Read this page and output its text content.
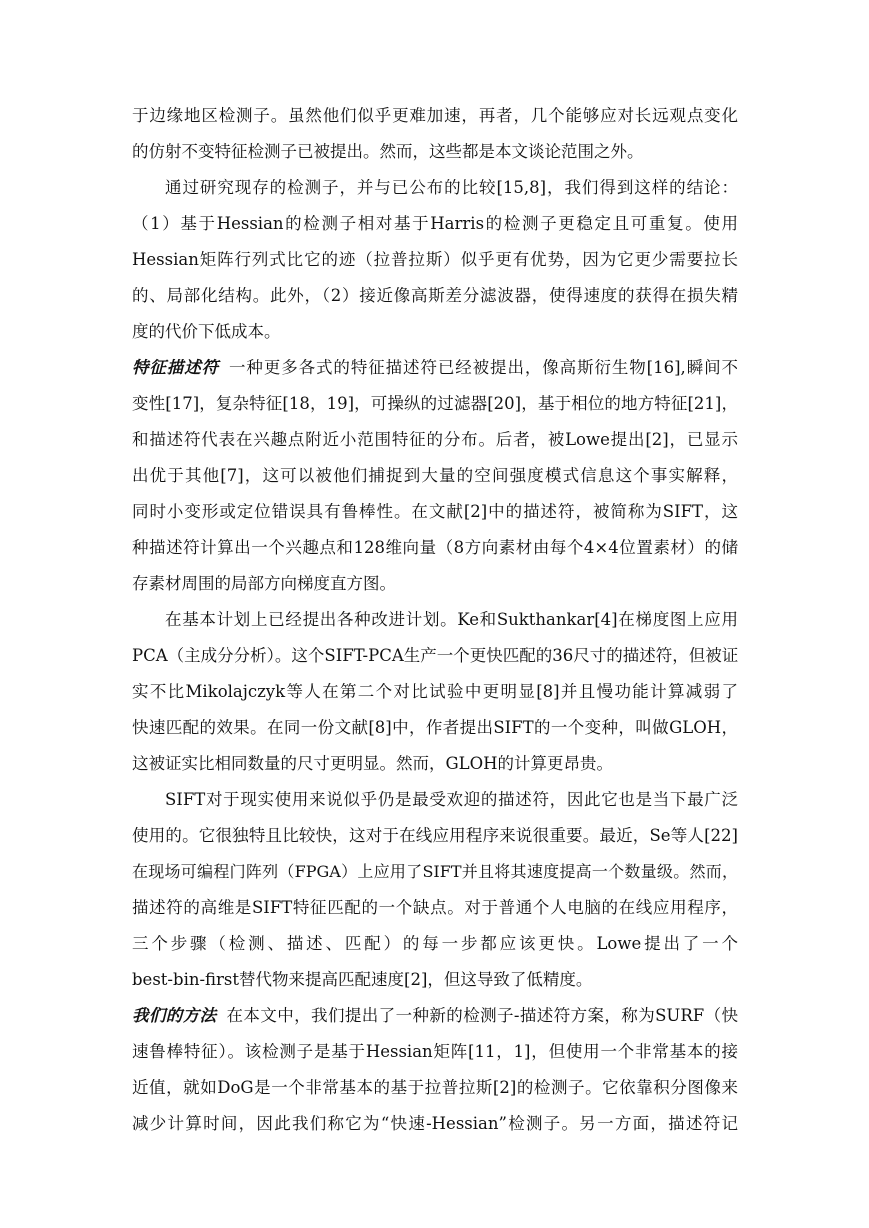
于边缘地区检测子。虽然他们似乎更难加速，再者，几个能够应对长远观点变化
的仿射不变特征检测子已被提出。然而，这些都是本文谈论范围之外。
通过研究现存的检测子，并与已公布的比较[15,8]，我们得到这样的结论：
（1）基于Hessian的检测子相对基于Harris的检测子更稳定且可重复。使用
Hessian矩阵行列式比它的迹（拉普拉斯）似乎更有优势，因为它更少需要拉长
的、局部化结构。此外，（2）接近像高斯差分滤波器，使得速度的获得在损失精
度的代价下低成本。
特征描述符 一种更多各式的特征描述符已经被提出，像高斯衍生物[16],瞬间不
变性[17]，复杂特征[18，19]，可操纵的过滤器[20]，基于相位的地方特征[21]，
和描述符代表在兴趣点附近小范围特征的分布。后者，被Lowe提出[2]，已显示
出优于其他[7]，这可以被他们捕捉到大量的空间强度模式信息这个事实解释，
同时小变形或定位错误具有鲁棒性。在文献[2]中的描述符，被简称为SIFT，这
种描述符计算出一个兴趣点和128维向量（8方向素材由每个4×4位置素材）的储
存素材周围的局部方向梯度直方图。
在基本计划上已经提出各种改进计划。Ke和Sukthankar[4]在梯度图上应用
PCA（主成分分析）。这个SIFT-PCA生产一个更快匹配的36尺寸的描述符，但被证
实不比Mikolajczyk等人在第二个对比试验中更明显[8]并且慢功能计算减弱了
快速匹配的效果。在同一份文献[8]中，作者提出SIFT的一个变种，叫做GLOH，
这被证实比相同数量的尺寸更明显。然而，GLOH的计算更昂贵。
SIFT对于现实使用来说似乎仍是最受欢迎的描述符，因此它也是当下最广泛
使用的。它很独特且比较快，这对于在线应用程序来说很重要。最近，Se等人[22]
在现场可编程门阵列（FPGA）上应用了SIFT并且将其速度提高一个数量级。然而，
描述符的高维是SIFT特征匹配的一个缺点。对于普通个人电脑的在线应用程序，
三个步骤（检测、描述、匹配）的每一步都应该更快。Lowe提出了一个
best-bin-first替代物来提高匹配速度[2]，但这导致了低精度。
我们的方法 在本文中，我们提出了一种新的检测子-描述符方案，称为SURF（快
速鲁棒特征）。该检测子是基于Hessian矩阵[11，1]，但使用一个非常基本的接
近值，就如DoG是一个非常基本的基于拉普拉斯[2]的检测子。它依靠积分图像来
减少计算时间，因此我们称它为“快速-Hessian”检测子。另一方面，描述符记
